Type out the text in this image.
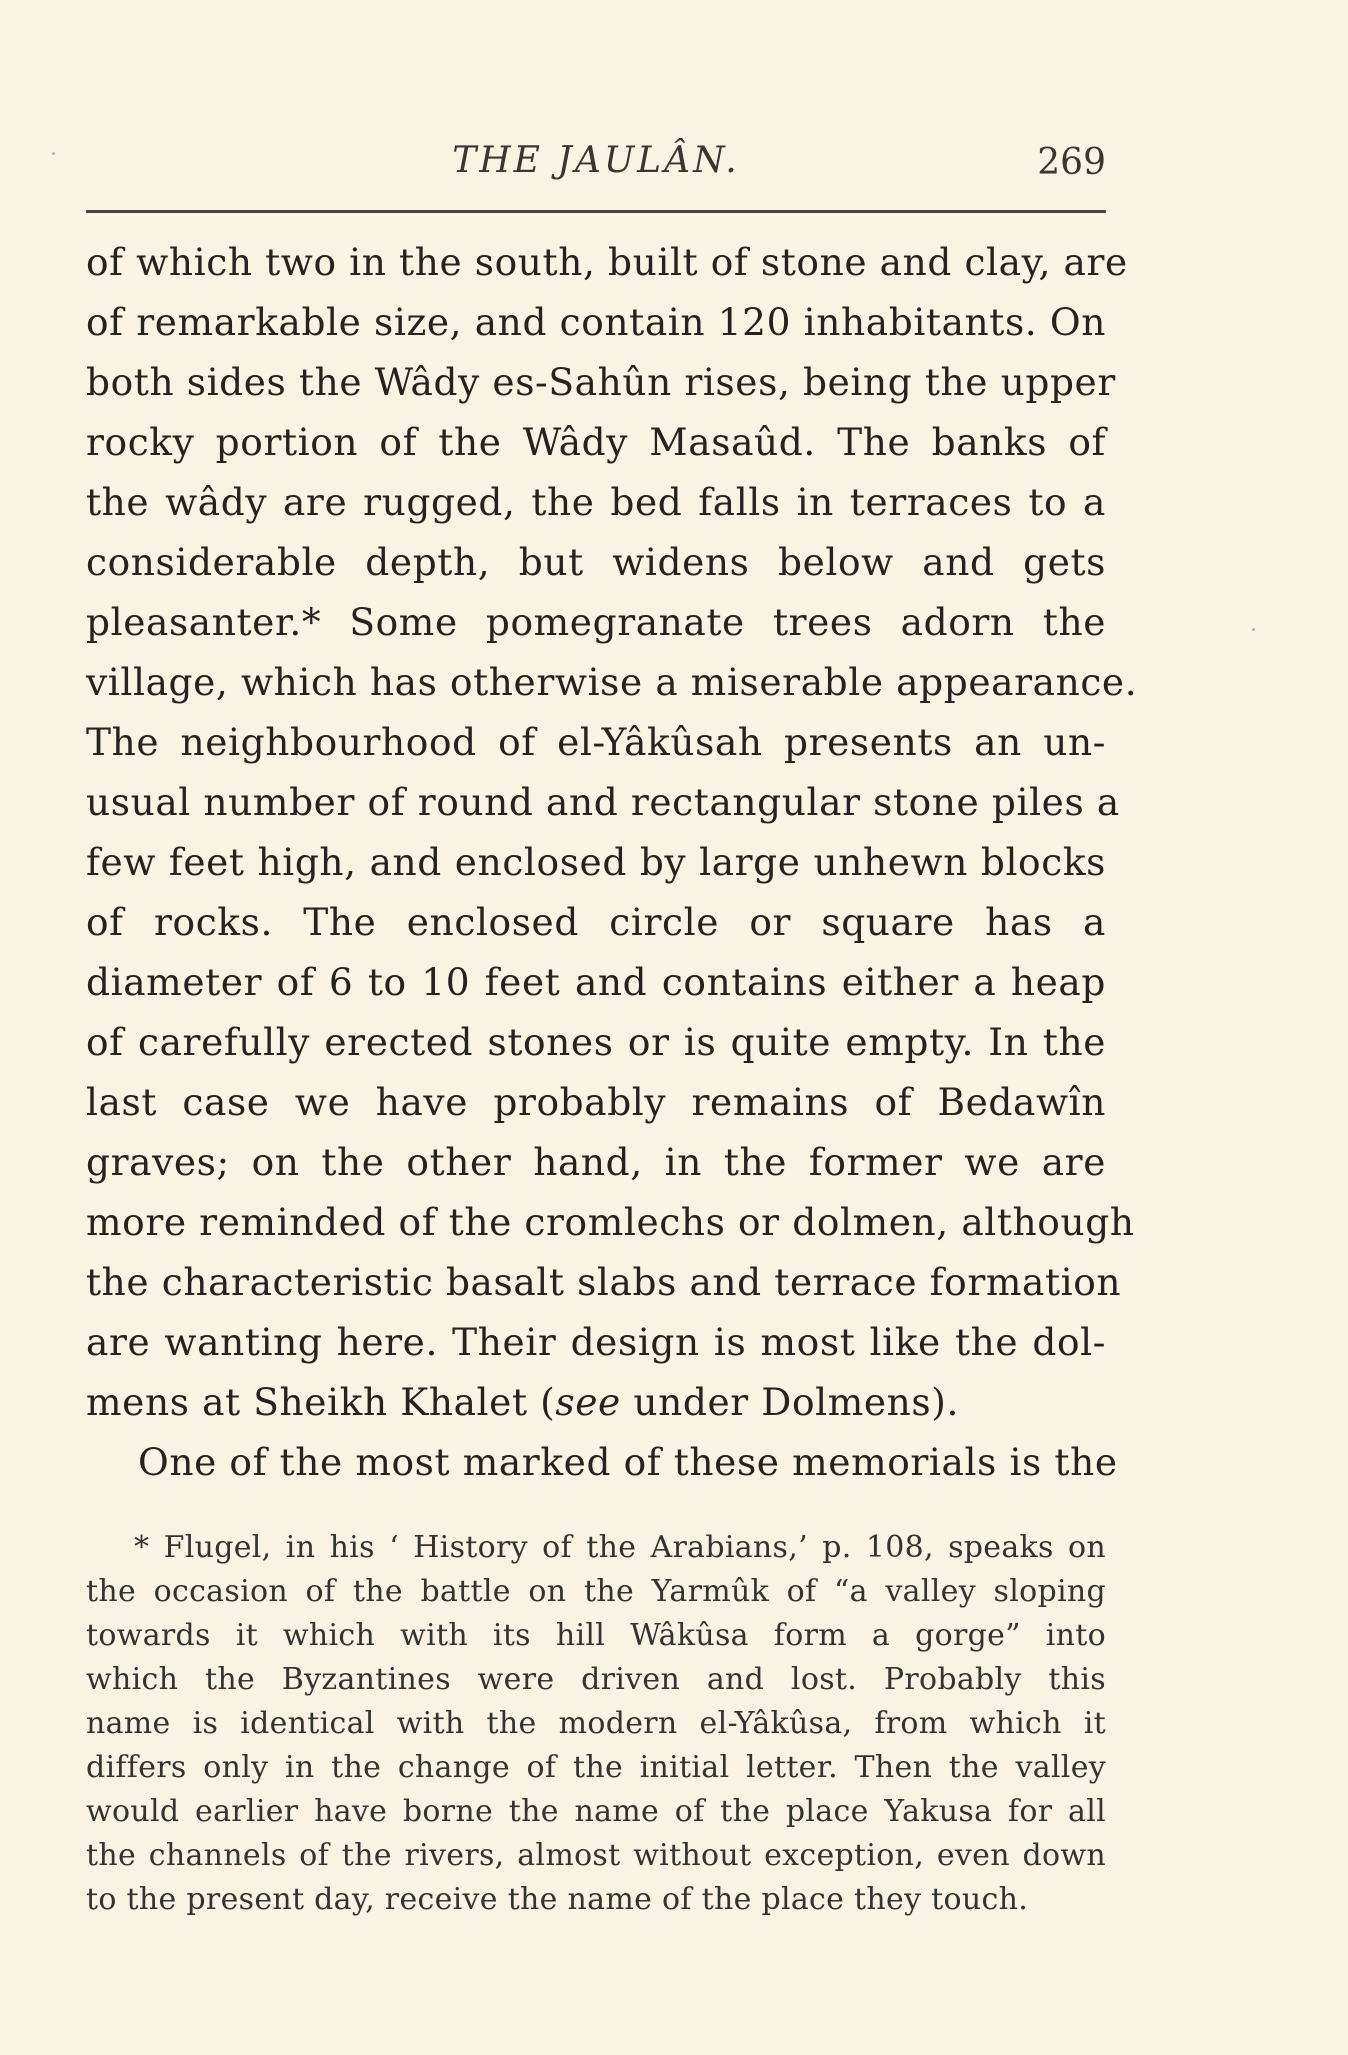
THE JAULÂN.	269
of which two in the south, built of stone and clay, are
of remarkable size, and contain 120 inhabitants. On
both sides the Wâdy es-Sahûn rises, being the upper
rocky portion of the Wâdy Masaûd. The banks of
the wâdy are rugged, the bed falls in terraces to a
considerable depth, but widens below and gets
pleasanter.* Some pomegranate trees adorn the
village, which has otherwise a miserable appearance.
The neighbourhood of el-Yâkûsah presents an un-
usual number of round and rectangular stone piles a
few feet high, and enclosed by large unhewn blocks
of rocks. The enclosed circle or square has a
diameter of 6 to 10 feet and contains either a heap
of carefully erected stones or is quite empty. In the
last case we have probably remains of Bedawîn
graves; on the other hand, in the former we are
more reminded of the cromlechs or dolmen, although
the characteristic basalt slabs and terrace formation
are wanting here. Their design is most like the dol-
mens at Sheikh Khalet (see under Dolmens).
One of the most marked of these memorials is the
* Flugel, in his ‘ History of the Arabians,’ p. 108, speaks on
the occasion of the battle on the Yarmûk of “a valley sloping
towards it which with its hill Wâkûsa form a gorge” into
which the Byzantines were driven and lost. Probably this
name is identical with the modern el-Yâkûsa, from which it
differs only in the change of the initial letter. Then the valley
would earlier have borne the name of the place Yakusa for all
the channels of the rivers, almost without exception, even down
to the present day, receive the name of the place they touch.
